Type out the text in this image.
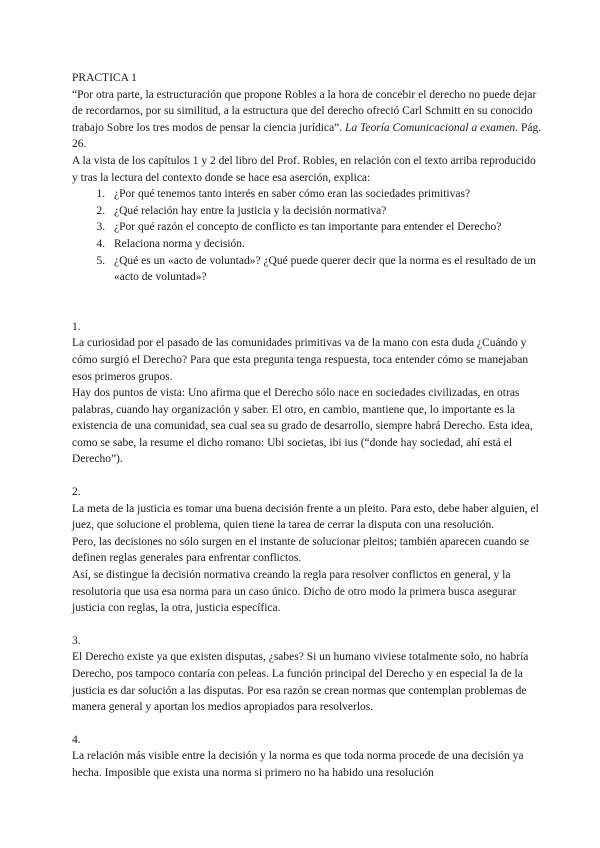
PRACTICA 1

“Por otra parte, la estructuración que propone Robles a la hora de concebir el derecho no puede dejar de recordarnos, por su similitud, a la estructura que del derecho ofreció Carl Schmitt en su conocido trabajo Sobre los tres modos de pensar la ciencia jurídica”. La Teoría Comunicacional a examen. Pág. 26.

A la vista de los capítulos 1 y 2 del libro del Prof. Robles, en relación con el texto arriba reproducido y tras la lectura del contexto donde se hace esa aserción, explica:

1. ¿Por qué tenemos tanto interés en saber cómo eran las sociedades primitivas?
2. ¿Qué relación hay entre la justicia y la decisión normativa?
3. ¿Por qué razón el concepto de conflicto es tan importante para entender el Derecho?
4. Relaciona norma y decisión.
5. ¿Qué es un «acto de voluntad»? ¿Qué puede querer decir que la norma es el resultado de un «acto de voluntad»?

1.

La curiosidad por el pasado de las comunidades primitivas va de la mano con esta duda ¿Cuándo y cómo surgió el Derecho? Para que esta pregunta tenga respuesta, toca entender cómo se manejaban esos primeros grupos.

Hay dos puntos de vista: Uno afirma que el Derecho sólo nace en sociedades civilizadas, en otras palabras, cuando hay organización y saber. El otro, en cambio, mantiene que, lo importante es la existencia de una comunidad, sea cual sea su grado de desarrollo, siempre habrá Derecho. Esta idea, como se sabe, la resume el dicho romano: Ubi societas, ibi ius (“donde hay sociedad, ahí está el Derecho”).

2.

La meta de la justicia es tomar una buena decisión frente a un pleito. Para esto, debe haber alguien, el juez, que solucione el problema, quien tiene la tarea de cerrar la disputa con una resolución.

Pero, las decisiones no sólo surgen en el instante de solucionar pleitos; también aparecen cuando se definen reglas generales para enfrentar conflictos.

Así, se distingue la decisión normativa creando la regla para resolver conflictos en general, y la resolutoria que usa esa norma para un caso único. Dicho de otro modo la primera busca asegurar justicia con reglas, la otra, justicia específica.

3.

El Derecho existe ya que existen disputas, ¿sabes? Si un humano viviese totalmente solo, no habría Derecho, pos tampoco contaría con peleas. La función principal del Derecho y en especial la de la justicia es dar solución a las disputas. Por esa razón se crean normas que contemplan problemas de manera general y aportan los medios apropiados para resolverlos.

4.

La relación más visible entre la decisión y la norma es que toda norma procede de una decisión ya hecha. Imposible que exista una norma si primero no ha habido una resolución
